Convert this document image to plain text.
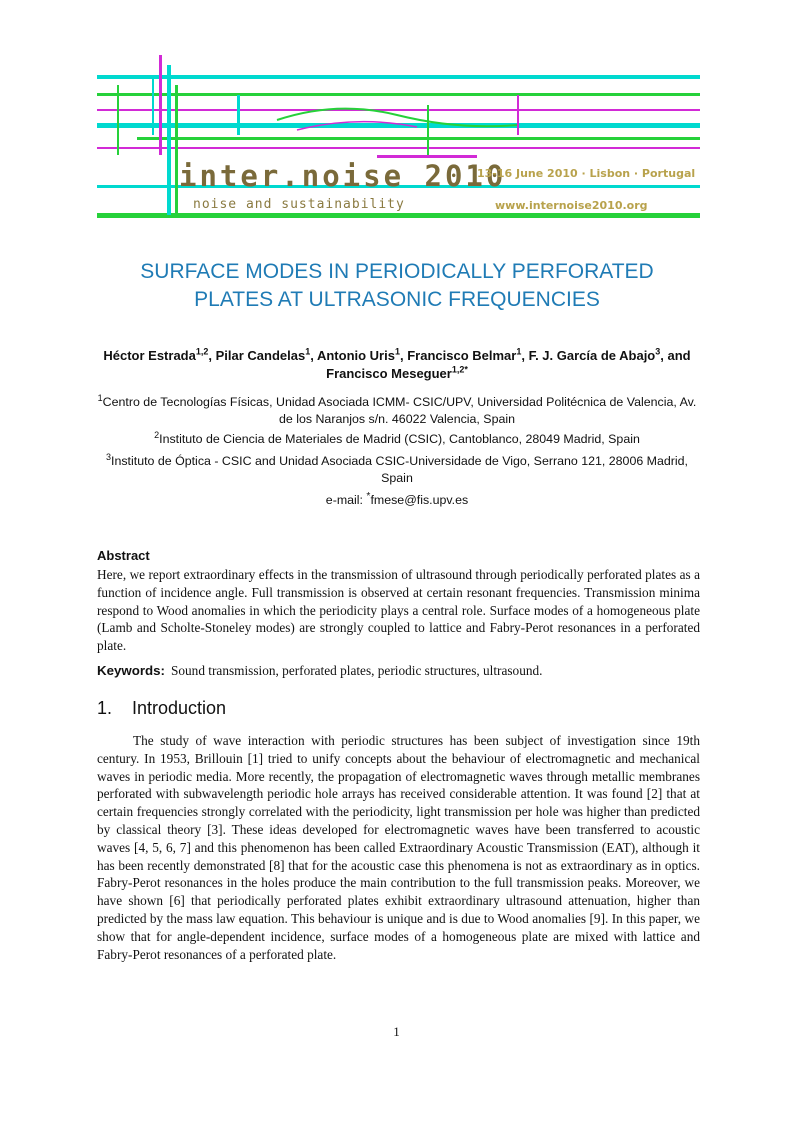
inter.noise 2010
noise and sustainability
13-16 June 2010 · Lisbon · Portugal
www.internoise2010.org
SURFACE MODES IN PERIODICALLY PERFORATED
PLATES AT ULTRASONIC FREQUENCIES
Héctor Estrada$^{1,2}$, Pilar Candelas$^1$, Antonio Uris$^1$, Francisco Belmar$^1$, F. J. García de Abajo$^3$, and Francisco Meseguer$^{1,2*}$
$^1$Centro de Tecnologías Físicas, Unidad Asociada ICMM- CSIC/UPV, Universidad Politécnica de Valencia, Av. de los Naranjos s/n. 46022 Valencia, Spain
$^2$Instituto de Ciencia de Materiales de Madrid (CSIC), Cantoblanco, 28049 Madrid, Spain
$^3$Instituto de Óptica - CSIC and Unidad Asociada CSIC-Universidade de Vigo, Serrano 121, 28006 Madrid, Spain
e-mail: *fmese@fis.upv.es
Abstract
Here, we report extraordinary effects in the transmission of ultrasound through periodically perforated plates as a function of incidence angle. Full transmission is observed at certain resonant frequencies. Transmission minima respond to Wood anomalies in which the periodicity plays a central role. Surface modes of a homogeneous plate (Lamb and Scholte-Stoneley modes) are strongly coupled to lattice and Fabry-Perot resonances in a perforated plate.
Keywords: Sound transmission, perforated plates, periodic structures, ultrasound.
1. Introduction
The study of wave interaction with periodic structures has been subject of investigation since 19th century. In 1953, Brillouin [1] tried to unify concepts about the behaviour of electromagnetic and mechanical waves in periodic media. More recently, the propagation of electromagnetic waves through metallic membranes perforated with subwavelength periodic hole arrays has received considerable attention. It was found [2] that at certain frequencies strongly correlated with the periodicity, light transmission per hole was higher than predicted by classical theory [3]. These ideas developed for electromagnetic waves have been transferred to acoustic waves [4, 5, 6, 7] and this phenomenon has been called Extraordinary Acoustic Transmission (EAT), although it has been recently demonstrated [8] that for the acoustic case this phenomena is not as extraordinary as in optics. Fabry-Perot resonances in the holes produce the main contribution to the full transmission peaks. Moreover, we have shown [6] that periodically perforated plates exhibit extraordinary ultrasound attenuation, higher than predicted by the mass law equation. This behaviour is unique and is due to Wood anomalies [9]. In this paper, we show that for angle-dependent incidence, surface modes of a homogeneous plate are mixed with lattice and Fabry-Perot resonances of a perforated plate.
1
